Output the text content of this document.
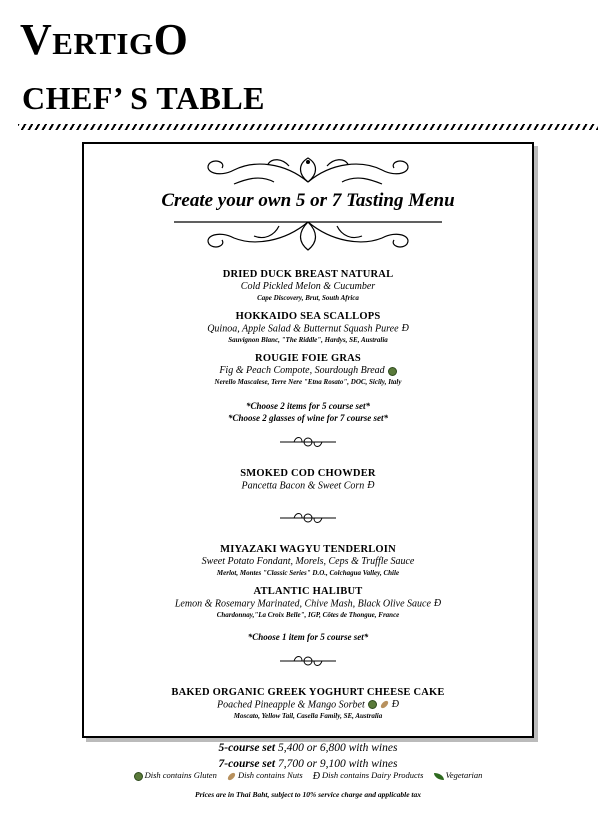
VertigO
CHEF’ S TABLE
Create your own 5 or 7 Tasting Menu
DRIED DUCK BREAST NATURAL
Cold Pickled Melon & Cucumber
Cape Discovery, Brut, South Africa
HOKKAIDO SEA SCALLOPS
Quinoa, Apple Salad & Butternut Squash Puree Đ
Sauvignon Blanc, "The Riddle", Hardys, SE, Australia
ROUGIE FOIE GRAS
Fig & Peach Compote, Sourdough Bread
Nerello Mascalese, Terre Nere "Etna Rosato", DOC, Sicily, Italy
*Choose 2 items for 5 course set*
*Choose 2 glasses of wine for 7 course set*
SMOKED COD CHOWDER
Pancetta Bacon & Sweet Corn Đ
MIYAZAKI WAGYU TENDERLOIN
Sweet Potato Fondant, Morels, Ceps & Truffle Sauce
Merlot, Montes "Classic Series" D.O., Colchagua Valley, Chile
ATLANTIC HALIBUT
Lemon & Rosemary Marinated, Chive Mash, Black Olive Sauce Đ
Chardonnay,"La Croix Belle", IGP, Côtes de Thongue, France
*Choose 1 item for 5 course set*
BAKED ORGANIC GREEK YOGHURT CHEESE CAKE
Poached Pineapple & Mango Sorbet	Đ
Moscato, Yellow Tail, Casella Family, SE, Australia
5-course set 5,400 or 6,800 with wines
7-course set 7,700 or 9,100 with wines
Dish contains Gluten Dish contains Nuts Đ Dish contains Dairy Products	Vegetarian
Prices are in Thai Baht, subject to 10% service charge and applicable tax
